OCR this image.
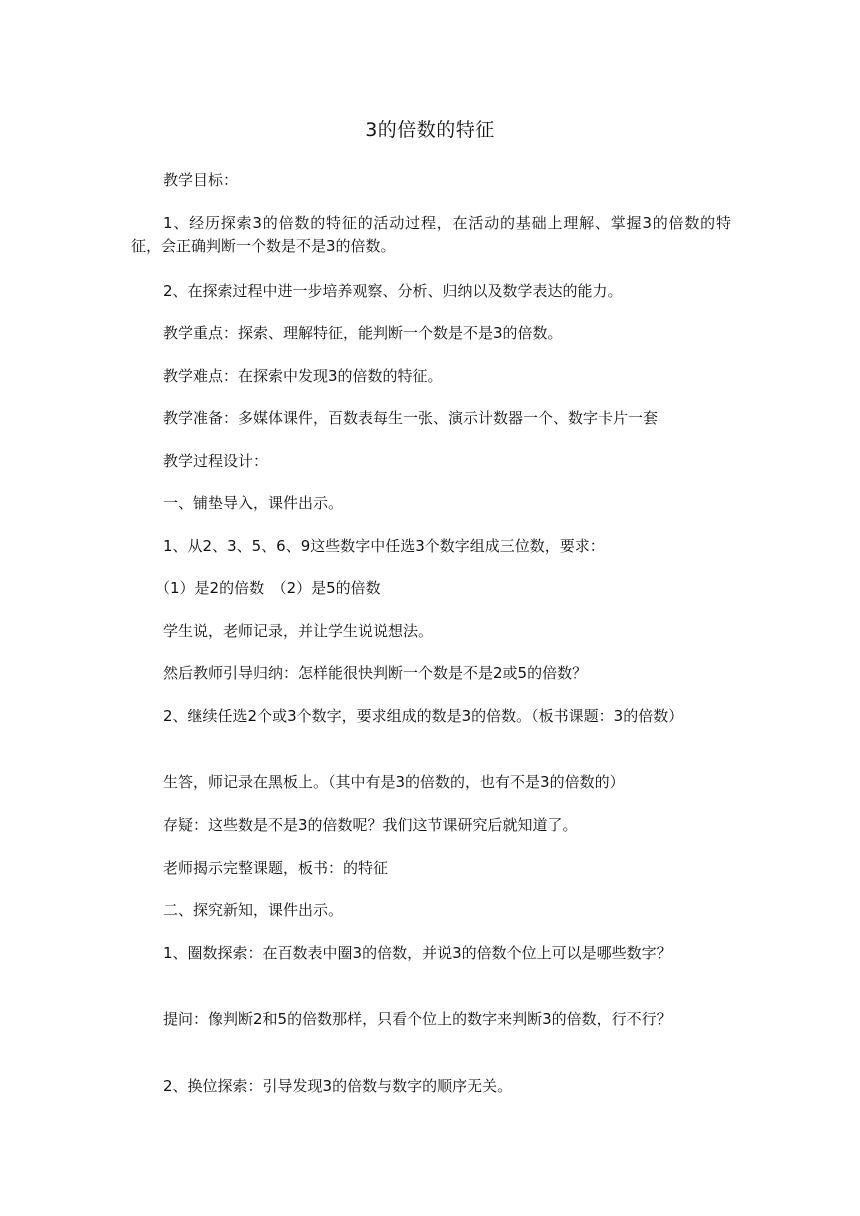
3的倍数的特征

教学目标：

1、经历探索3的倍数的特征的活动过程，在活动的基础上理解、掌握3的倍数的特征，会正确判断一个数是不是3的倍数。

2、在探索过程中进一步培养观察、分析、归纳以及数学表达的能力。

教学重点：探索、理解特征，能判断一个数是不是3的倍数。

教学难点：在探索中发现3的倍数的特征。

教学准备：多媒体课件，百数表每生一张、演示计数器一个、数字卡片一套

教学过程设计：

一、铺垫导入，课件出示。

1、从2、3、5、6、9这些数字中任选3个数字组成三位数，要求：

（1）是2的倍数　（2）是5的倍数

学生说，老师记录，并让学生说说想法。

然后教师引导归纳：怎样能很快判断一个数是不是2或5的倍数？

2、继续任选2个或3个数字，要求组成的数是3的倍数。（板书课题：3的倍数）

生答，师记录在黑板上。（其中有是3的倍数的，也有不是3的倍数的）

存疑：这些数是不是3的倍数呢？我们这节课研究后就知道了。

老师揭示完整课题，板书：的特征

二、探究新知，课件出示。

1、圈数探索：在百数表中圈3的倍数，并说3的倍数个位上可以是哪些数字？

提问：像判断2和5的倍数那样，只看个位上的数字来判断3的倍数，行不行？

2、换位探索：引导发现3的倍数与数字的顺序无关。
